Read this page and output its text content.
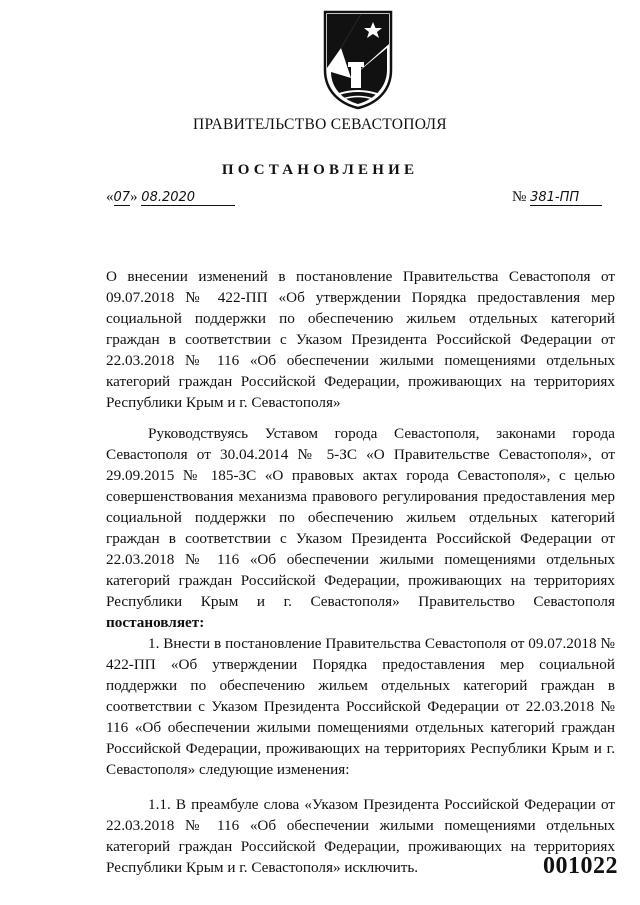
ПРАВИТЕЛЬСТВО СЕВАСТОПОЛЯ
ПОСТАНОВЛЕНИЕ
«07» 08.2020	№ 381-ПП
О внесении изменений в постановление Правительства Севастополя от 09.07.2018 № 422-ПП «Об утверждении Порядка предоставления мер социальной поддержки по обеспечению жильем отдельных категорий граждан в соответствии с Указом Президента Российской Федерации от 22.03.2018 № 116 «Об обеспечении жилыми помещениями отдельных категорий граждан Российской Федерации, проживающих на территориях Республики Крым и г. Севастополя»
Руководствуясь Уставом города Севастополя, законами города Севастополя от 30.04.2014 № 5-ЗС «О Правительстве Севастополя», от 29.09.2015 № 185-ЗС «О правовых актах города Севастополя», с целью совершенствования механизма правового регулирования предоставления мер социальной поддержки по обеспечению жильем отдельных категорий граждан в соответствии с Указом Президента Российской Федерации от 22.03.2018 № 116 «Об обеспечении жилыми помещениями отдельных категорий граждан Российской Федерации, проживающих на территориях Республики Крым и г. Севастополя» Правительство Севастополя постановляет:
1. Внести в постановление Правительства Севастополя от 09.07.2018 № 422-ПП «Об утверждении Порядка предоставления мер социальной поддержки по обеспечению жильем отдельных категорий граждан в соответствии с Указом Президента Российской Федерации от 22.03.2018 № 116 «Об обеспечении жилыми помещениями отдельных категорий граждан Российской Федерации, проживающих на территориях Республики Крым и г. Севастополя» следующие изменения:
1.1. В преамбуле слова «Указом Президента Российской Федерации от 22.03.2018 № 116 «Об обеспечении жилыми помещениями отдельных категорий граждан Российской Федерации, проживающих на территориях Республики Крым и г. Севастополя» исключить.	001022
